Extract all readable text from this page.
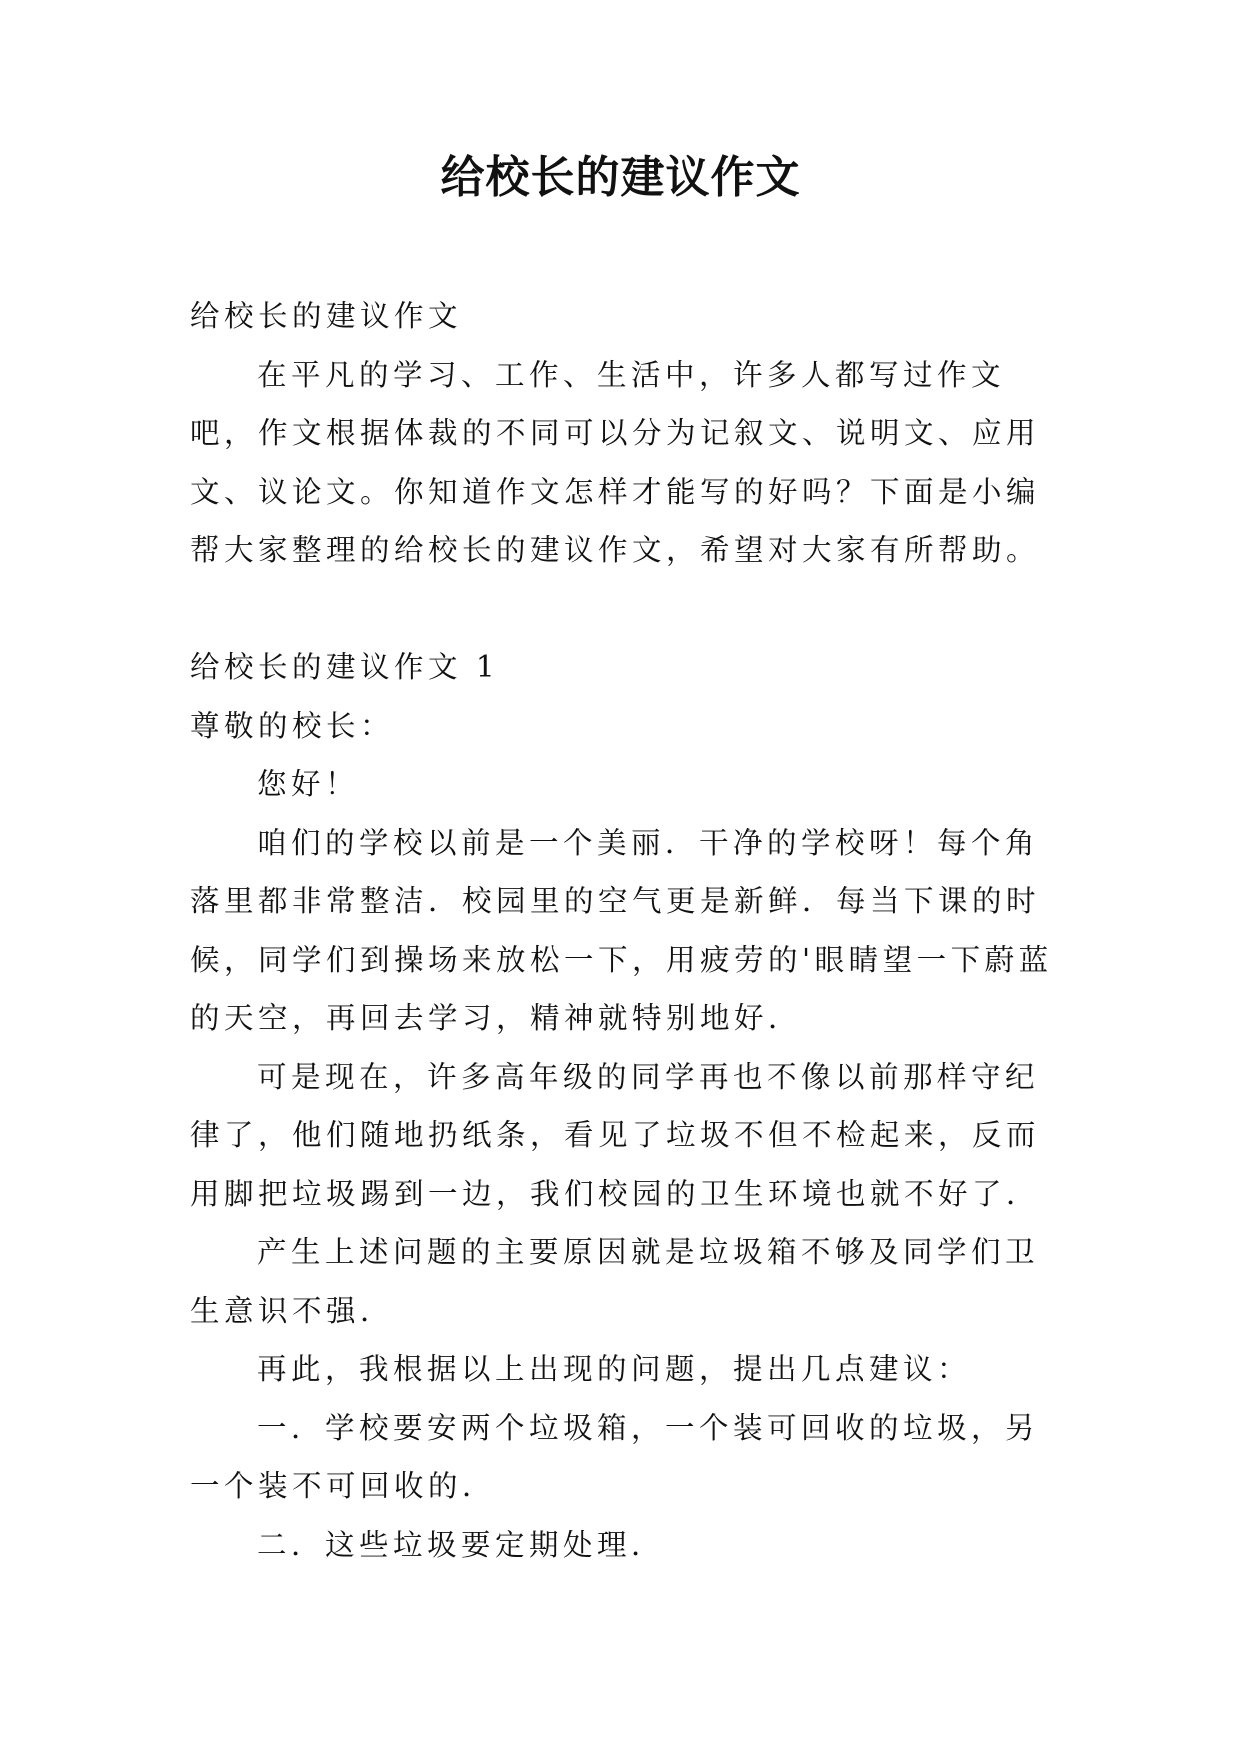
给校长的建议作文

给校长的建议作文

在平凡的学习、工作、生活中，许多人都写过作文吧，作文根据体裁的不同可以分为记叙文、说明文、应用文、议论文。你知道作文怎样才能写的好吗？下面是小编帮大家整理的给校长的建议作文，希望对大家有所帮助。

给校长的建议作文 1

尊敬的校长：

您好！

咱们的学校以前是一个美丽．干净的学校呀！每个角落里都非常整洁．校园里的空气更是新鲜．每当下课的时候，同学们到操场来放松一下，用疲劳的'眼睛望一下蔚蓝的天空，再回去学习，精神就特别地好．

可是现在，许多高年级的同学再也不像以前那样守纪律了，他们随地扔纸条，看见了垃圾不但不检起来，反而用脚把垃圾踢到一边，我们校园的卫生环境也就不好了．

产生上述问题的主要原因就是垃圾箱不够及同学们卫生意识不强．

再此，我根据以上出现的问题，提出几点建议：

一．学校要安两个垃圾箱，一个装可回收的垃圾，另一个装不可回收的．

二．这些垃圾要定期处理．
